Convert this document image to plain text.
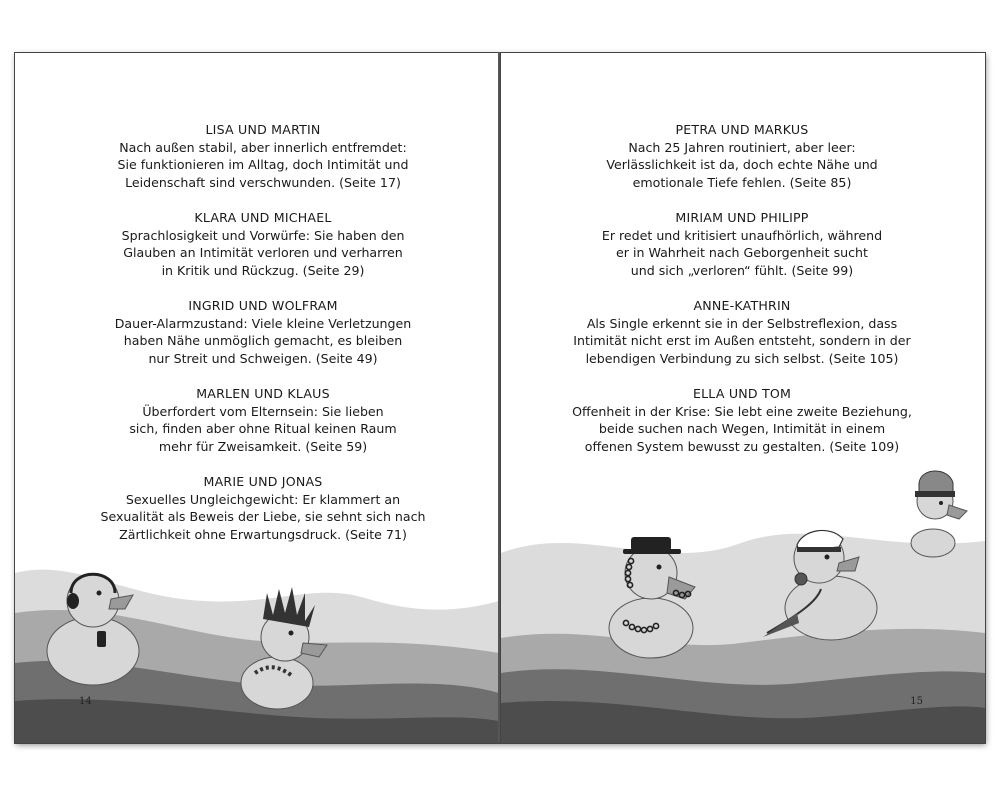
LISA UND MARTIN
Nach außen stabil, aber innerlich entfremdet:
Sie funktionieren im Alltag, doch Intimität und
Leidenschaft sind verschwunden. (Seite 17)
KLARA UND MICHAEL
Sprachlosigkeit und Vorwürfe: Sie haben den
Glauben an Intimität verloren und verharren
in Kritik und Rückzug. (Seite 29)
INGRID UND WOLFRAM
Dauer-Alarmzustand: Viele kleine Verletzungen
haben Nähe unmöglich gemacht, es bleiben
nur Streit und Schweigen. (Seite 49)
MARLEN UND KLAUS
Überfordert vom Elternsein: Sie lieben
sich, finden aber ohne Ritual keinen Raum
mehr für Zweisamkeit. (Seite 59)
MARIE UND JONAS
Sexuelles Ungleichgewicht: Er klammert an
Sexualität als Beweis der Liebe, sie sehnt sich nach
Zärtlichkeit ohne Erwartungsdruck. (Seite 71)
14
PETRA UND MARKUS
Nach 25 Jahren routiniert, aber leer:
Verlässlichkeit ist da, doch echte Nähe und
emotionale Tiefe fehlen. (Seite 85)
MIRIAM UND PHILIPP
Er redet und kritisiert unaufhörlich, während
er in Wahrheit nach Geborgenheit sucht
und sich „verloren“ fühlt. (Seite 99)
ANNE-KATHRIN
Als Single erkennt sie in der Selbstreflexion, dass
Intimität nicht erst im Außen entsteht, sondern in der
lebendigen Verbindung zu sich selbst. (Seite 105)
ELLA UND TOM
Offenheit in der Krise: Sie lebt eine zweite Beziehung,
beide suchen nach Wegen, Intimität in einem
offenen System bewusst zu gestalten. (Seite 109)
15
